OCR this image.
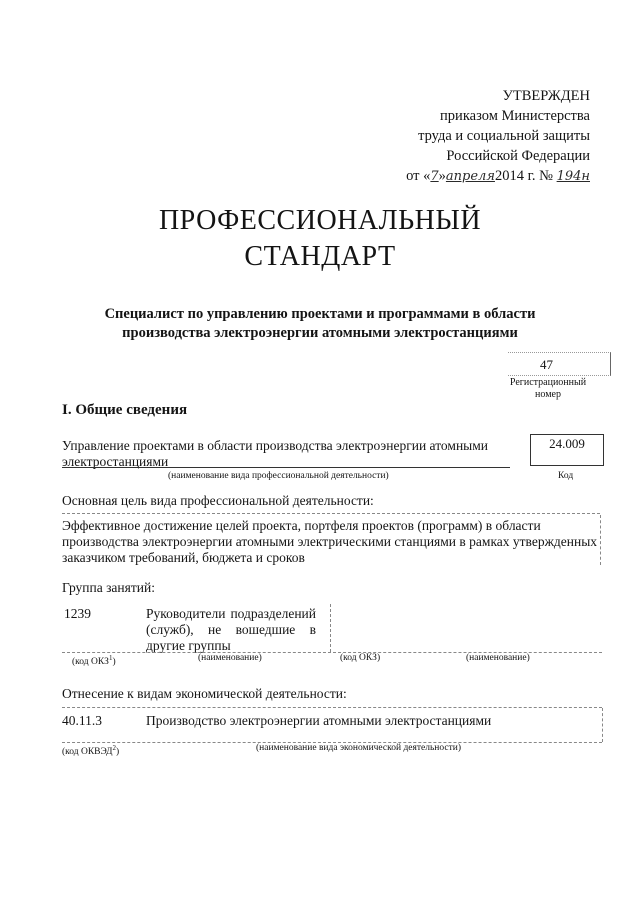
УТВЕРЖДЕН
приказом Министерства
труда и социальной защиты
Российской Федерации
от «7»апреля2014 г. № 194н
ПРОФЕССИОНАЛЬНЫЙ
СТАНДАРТ
Специалист по управлению проектами и программами в области
производства электроэнергии атомными электростанциями
47
Регистрационный номер
I. Общие сведения
Управление проектами в области производства электроэнергии атомными электростанциями
(наименование вида профессиональной деятельности)
24.009
Код
Основная цель вида профессиональной деятельности:
Эффективное достижение целей проекта, портфеля проектов (программ) в области производства электроэнергии атомными электрическими станциями в рамках утвержденных заказчиком требований, бюджета и сроков
Группа занятий:
1239	Руководители подразделений (служб), не вошедшие в другие группы
(код ОКЗ$^1$)	(наименование)	(код ОКЗ)	(наименование)
Отнесение к видам экономической деятельности:
40.11.3	Производство электроэнергии атомными электростанциями
(код ОКВЭД$^2$)	(наименование вида экономической деятельности)
